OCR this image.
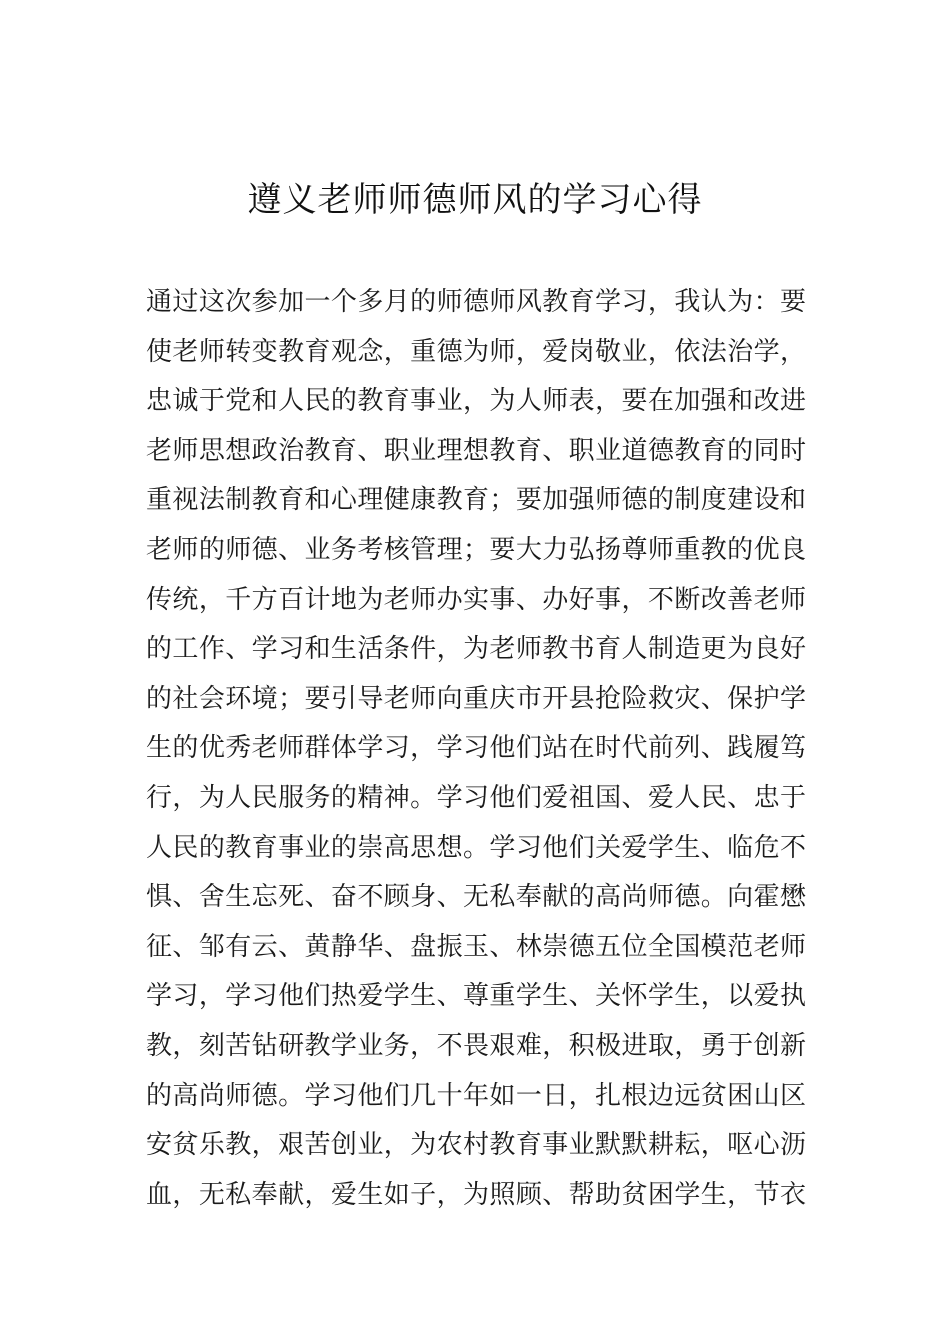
遵义老师师德师风的学习心得
通过这次参加一个多月的师德师风教育学习，我认为：要
使老师转变教育观念，重德为师，爱岗敬业，依法治学，
忠诚于党和人民的教育事业，为人师表，要在加强和改进
老师思想政治教育、职业理想教育、职业道德教育的同时
重视法制教育和心理健康教育；要加强师德的制度建设和
老师的师德、业务考核管理；要大力弘扬尊师重教的优良
传统，千方百计地为老师办实事、办好事，不断改善老师
的工作、学习和生活条件，为老师教书育人制造更为良好
的社会环境；要引导老师向重庆市开县抢险救灾、保护学
生的优秀老师群体学习，学习他们站在时代前列、践履笃
行，为人民服务的精神。学习他们爱祖国、爱人民、忠于
人民的教育事业的崇高思想。学习他们关爱学生、临危不
惧、舍生忘死、奋不顾身、无私奉献的高尚师德。向霍懋
征、邹有云、黄静华、盘振玉、林崇德五位全国模范老师
学习，学习他们热爱学生、尊重学生、关怀学生，以爱执
教，刻苦钻研教学业务，不畏艰难，积极进取，勇于创新
的高尚师德。学习他们几十年如一日，扎根边远贫困山区
安贫乐教，艰苦创业，为农村教育事业默默耕耘，呕心沥
血，无私奉献，爱生如子，为照顾、帮助贫困学生，节衣
